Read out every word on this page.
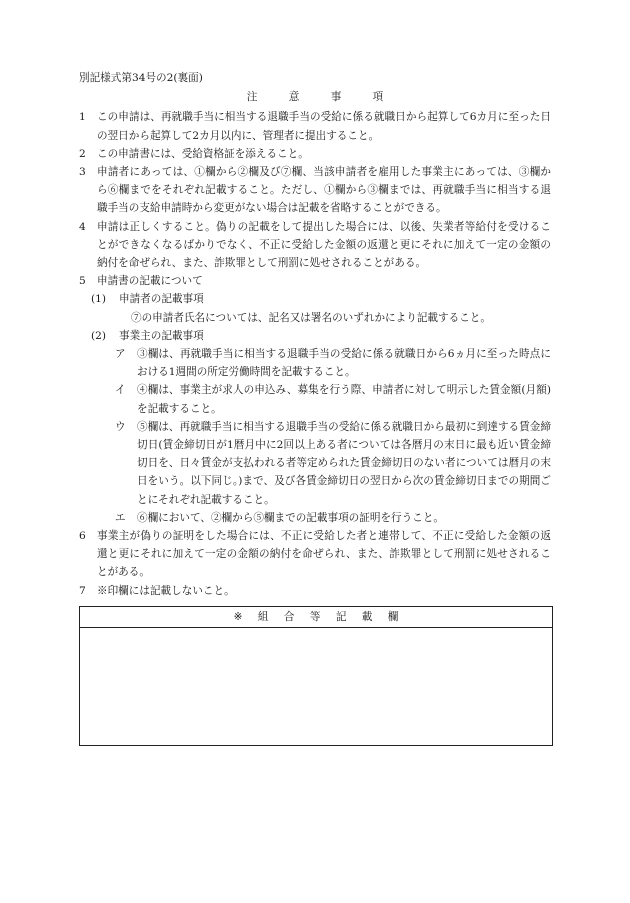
別記様式第34号の2(裏面)
注	意	事	項
1	この申請は、再就職手当に相当する退職手当の受給に係る就職日から起算して6カ月に至った日の翌日から起算して2カ月以内に、管理者に提出すること。
2	この申請書には、受給資格証を添えること。
3	申請者にあっては、①欄から②欄及び⑦欄、当該申請者を雇用した事業主にあっては、③欄から⑥欄までをそれぞれ記載すること。ただし、①欄から③欄までは、再就職手当に相当する退職手当の支給申請時から変更がない場合は記載を省略することができる。
4	申請は正しくすること。偽りの記載をして提出した場合には、以後、失業者等給付を受けることができなくなるばかりでなく、不正に受給した金額の返還と更にそれに加えて一定の金額の納付を命ぜられ、また、詐欺罪として刑罰に処せされることがある。
5	申請書の記載について
(1)	申請者の記載事項
⑦の申請者氏名については、記名又は署名のいずれかにより記載すること。
(2)	事業主の記載事項
ア	③欄は、再就職手当に相当する退職手当の受給に係る就職日から6ヵ月に至った時点における1週間の所定労働時間を記載すること。
イ	④欄は、事業主が求人の申込み、募集を行う際、申請者に対して明示した賃金額(月額)を記載すること。
ウ	⑤欄は、再就職手当に相当する退職手当の受給に係る就職日から最初に到達する賃金締切日(賃金締切日が1暦月中に2回以上ある者については各暦月の末日に最も近い賃金締切日を、日々賃金が支払われる者等定められた賃金締切日のない者については暦月の末日をいう。以下同じ。)まで、及び各賃金締切日の翌日から次の賃金締切日までの期間ごとにそれぞれ記載すること。
エ	⑥欄において、②欄から⑤欄までの記載事項の証明を行うこと。
6	事業主が偽りの証明をした場合には、不正に受給した者と連帯して、不正に受給した金額の返還と更にそれに加えて一定の金額の納付を命ぜられ、また、詐欺罪として刑罰に処せされることがある。
7	※印欄には記載しないこと。
※ 組 合 等 記 載 欄
